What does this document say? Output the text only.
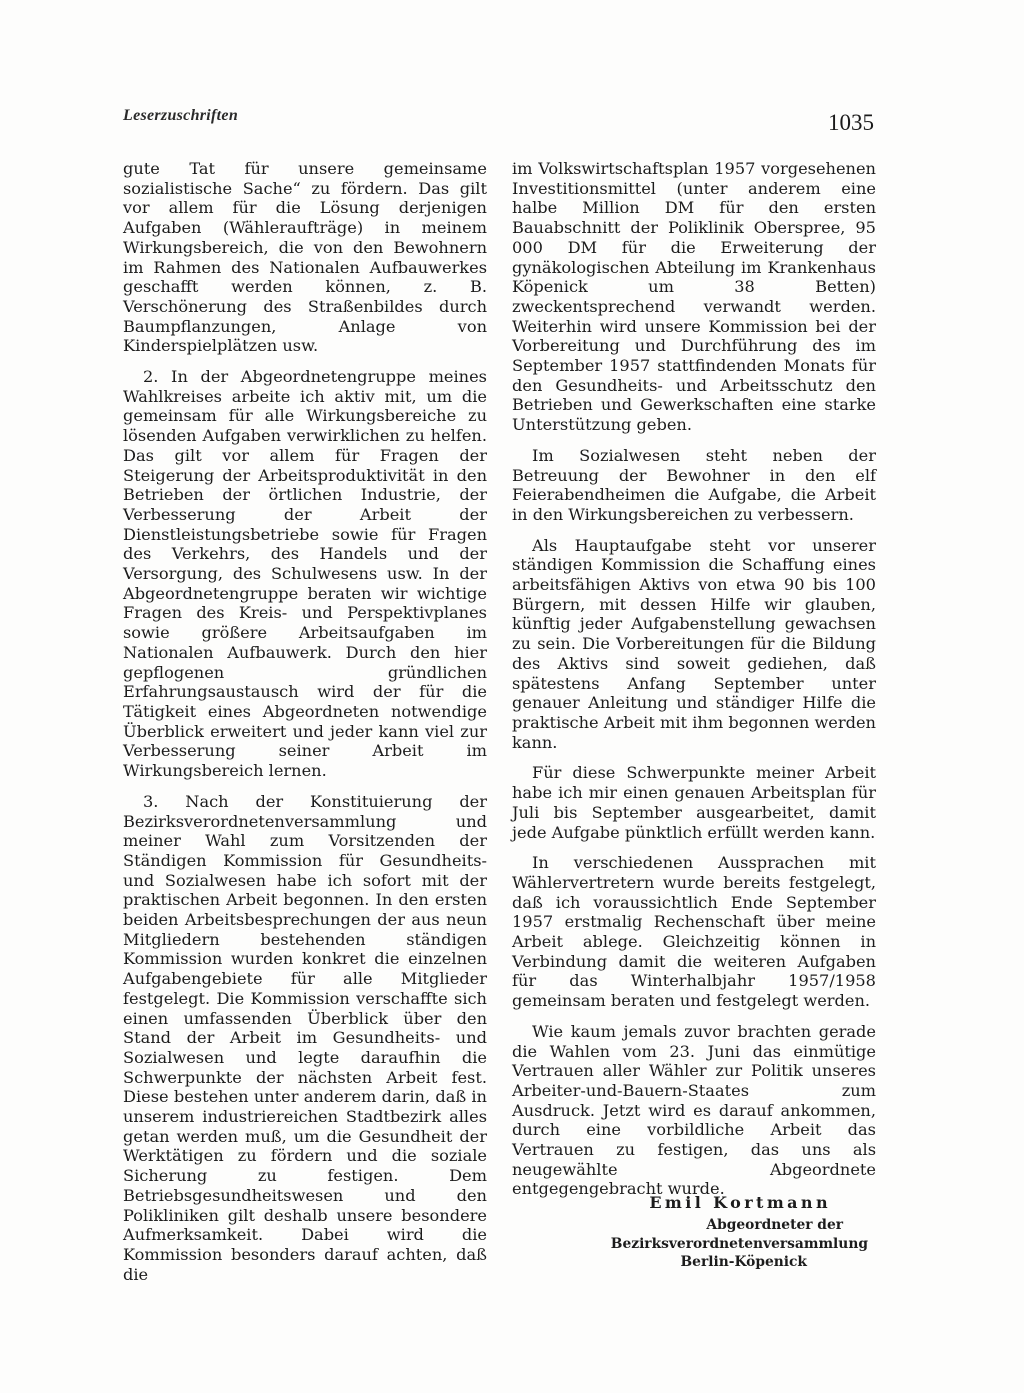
Leserzuschriften	1035

gute Tat für unsere gemeinsame sozialistische Sache“ zu fördern. Das gilt vor allem für die Lösung derjenigen Aufgaben (Wähleraufträge) in meinem Wirkungsbereich, die von den Bewohnern im Rahmen des Nationalen Aufbauwerkes geschafft werden können, z. B. Verschönerung des Straßenbildes durch Baumpflanzungen, Anlage von Kinderspielplätzen usw.

2. In der Abgeordnetengruppe meines Wahlkreises arbeite ich aktiv mit, um die gemeinsam für alle Wirkungsbereiche zu lösenden Aufgaben verwirklichen zu helfen. Das gilt vor allem für Fragen der Steigerung der Arbeitsproduktivität in den Betrieben der örtlichen Industrie, der Verbesserung der Arbeit der Dienstleistungsbetriebe sowie für Fragen des Verkehrs, des Handels und der Versorgung, des Schulwesens usw. In der Abgeordnetengruppe beraten wir wichtige Fragen des Kreis- und Perspektivplanes sowie größere Arbeitsaufgaben im Nationalen Aufbauwerk. Durch den hier gepflogenen gründlichen Erfahrungsaustausch wird der für die Tätigkeit eines Abgeordneten notwendige Überblick erweitert und jeder kann viel zur Verbesserung seiner Arbeit im Wirkungsbereich lernen.

3. Nach der Konstituierung der Bezirksverordnetenversammlung und meiner Wahl zum Vorsitzenden der Ständigen Kommission für Gesundheits- und Sozialwesen habe ich sofort mit der praktischen Arbeit begonnen. In den ersten beiden Arbeitsbesprechungen der aus neun Mitgliedern bestehenden ständigen Kommission wurden konkret die einzelnen Aufgabengebiete für alle Mitglieder festgelegt. Die Kommission verschaffte sich einen umfassenden Überblick über den Stand der Arbeit im Gesundheits- und Sozialwesen und legte daraufhin die Schwerpunkte der nächsten Arbeit fest. Diese bestehen unter anderem darin, daß in unserem industriereichen Stadtbezirk alles getan werden muß, um die Gesundheit der Werktätigen zu fördern und die soziale Sicherung zu festigen. Dem Betriebsgesundheitswesen und den Polikliniken gilt deshalb unsere besondere Aufmerksamkeit. Dabei wird die Kommission besonders darauf achten, daß die

im Volkswirtschaftsplan 1957 vorgesehenen Investitionsmittel (unter anderem eine halbe Million DM für den ersten Bauabschnitt der Poliklinik Oberspree, 95 000 DM für die Erweiterung der gynäkologischen Abteilung im Krankenhaus Köpenick um 38 Betten) zweckentsprechend verwandt werden. Weiterhin wird unsere Kommission bei der Vorbereitung und Durchführung des im September 1957 stattfindenden Monats für den Gesundheits- und Arbeitsschutz den Betrieben und Gewerkschaften eine starke Unterstützung geben.

Im Sozialwesen steht neben der Betreuung der Bewohner in den elf Feierabendheimen die Aufgabe, die Arbeit in den Wirkungsbereichen zu verbessern.

Als Hauptaufgabe steht vor unserer ständigen Kommission die Schaffung eines arbeitsfähigen Aktivs von etwa 90 bis 100 Bürgern, mit dessen Hilfe wir glauben, künftig jeder Aufgabenstellung gewachsen zu sein. Die Vorbereitungen für die Bildung des Aktivs sind soweit gediehen, daß spätestens Anfang September unter genauer Anleitung und ständiger Hilfe die praktische Arbeit mit ihm begonnen werden kann.

Für diese Schwerpunkte meiner Arbeit habe ich mir einen genauen Arbeitsplan für Juli bis September ausgearbeitet, damit jede Aufgabe pünktlich erfüllt werden kann.

In verschiedenen Aussprachen mit Wählervertretern wurde bereits festgelegt, daß ich voraussichtlich Ende September 1957 erstmalig Rechenschaft über meine Arbeit ablege. Gleichzeitig können in Verbindung damit die weiteren Aufgaben für das Winterhalbjahr 1957/1958 gemeinsam beraten und festgelegt werden.

Wie kaum jemals zuvor brachten gerade die Wahlen vom 23. Juni das einmütige Vertrauen aller Wähler zur Politik unseres Arbeiter-und-Bauern-Staates zum Ausdruck. Jetzt wird es darauf ankommen, durch eine vorbildliche Arbeit das Vertrauen zu festigen, das uns als neugewählte Abgeordnete entgegengebracht wurde.

Emil Kortmann
Abgeordneter der
Bezirksverordnetenversammlung
Berlin-Köpenick
